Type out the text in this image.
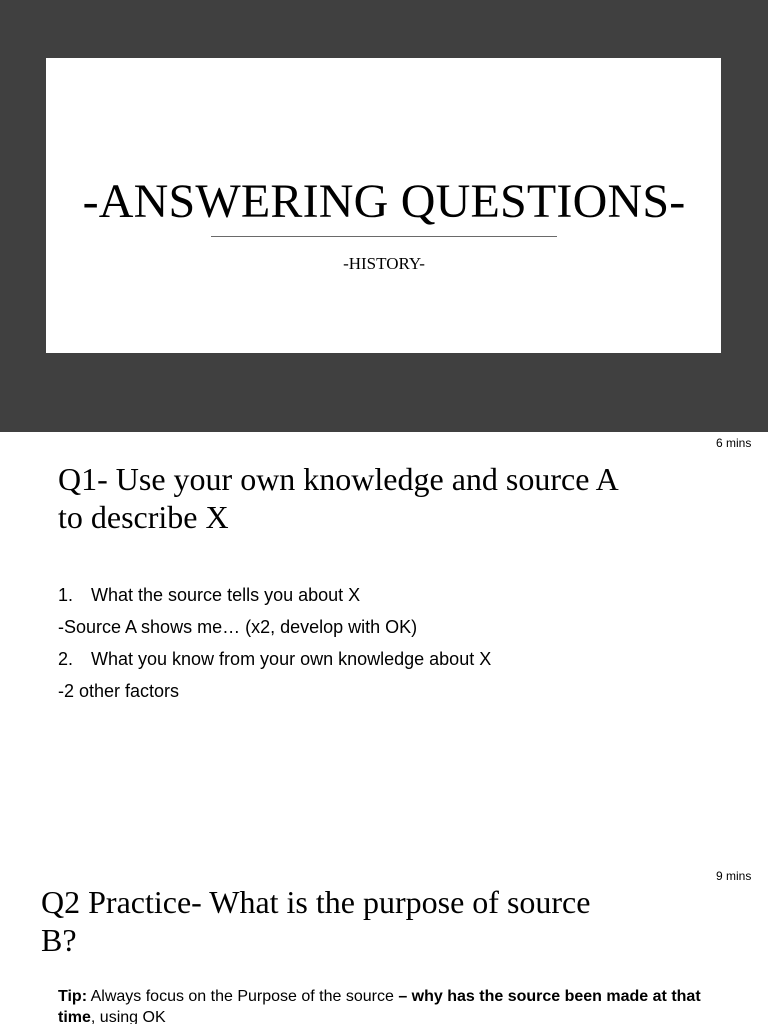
-ANSWERING QUESTIONS-
-HISTORY-
6 mins
Q1- Use your own knowledge and source A
to describe X
1. What the source tells you about X
-Source A shows me… (x2, develop with OK)
2. What you know from your own knowledge about X
-2 other factors
9 mins
Q2 Practice- What is the purpose of source
B?
Tip: Always focus on the Purpose of the source – why has the source been made at that time, using OK
